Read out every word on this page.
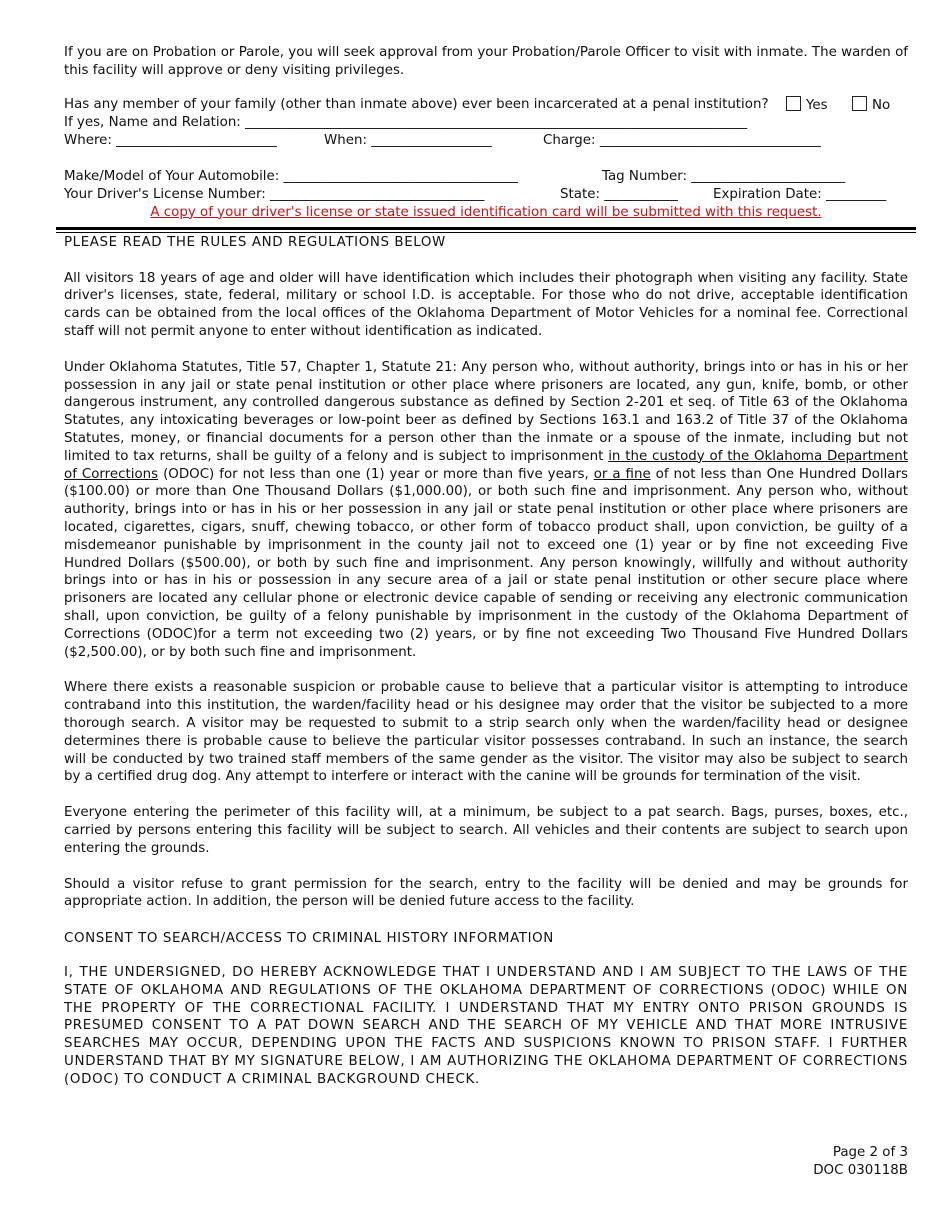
If you are on Probation or Parole, you will seek approval from your Probation/Parole Officer to visit with inmate. The warden of this facility will approve or deny visiting privileges.

Has any member of your family (other than inmate above) ever been incarcerated at a penal institution?	Yes	No
If yes, Name and Relation: ___________________________________________________________________________
Where: ________________________	When: __________________	Charge: _________________________________
Make/Model of Your Automobile: ___________________________________	Tag Number: _______________________
Your Driver's License Number: ________________________________	State: ___________	Expiration Date: _________
A copy of your driver's license or state issued identification card will be submitted with this request.
PLEASE READ THE RULES AND REGULATIONS BELOW

All visitors 18 years of age and older will have identification which includes their photograph when visiting any facility. State driver's licenses, state, federal, military or school I.D. is acceptable. For those who do not drive, acceptable identification cards can be obtained from the local offices of the Oklahoma Department of Motor Vehicles for a nominal fee. Correctional staff will not permit anyone to enter without identification as indicated.

Under Oklahoma Statutes, Title 57, Chapter 1, Statute 21: Any person who, without authority, brings into or has in his or her possession in any jail or state penal institution or other place where prisoners are located, any gun, knife, bomb, or other dangerous instrument, any controlled dangerous substance as defined by Section 2-201 et seq. of Title 63 of the Oklahoma Statutes, any intoxicating beverages or low-point beer as defined by Sections 163.1 and 163.2 of Title 37 of the Oklahoma Statutes, money, or financial documents for a person other than the inmate or a spouse of the inmate, including but not limited to tax returns, shall be guilty of a felony and is subject to imprisonment in the custody of the Oklahoma Department of Corrections (ODOC) for not less than one (1) year or more than five years, or a fine of not less than One Hundred Dollars ($100.00) or more than One Thousand Dollars ($1,000.00), or both such fine and imprisonment. Any person who, without authority, brings into or has in his or her possession in any jail or state penal institution or other place where prisoners are located, cigarettes, cigars, snuff, chewing tobacco, or other form of tobacco product shall, upon conviction, be guilty of a misdemeanor punishable by imprisonment in the county jail not to exceed one (1) year or by fine not exceeding Five Hundred Dollars ($500.00), or both by such fine and imprisonment. Any person knowingly, willfully and without authority brings into or has in his or possession in any secure area of a jail or state penal institution or other secure place where prisoners are located any cellular phone or electronic device capable of sending or receiving any electronic communication shall, upon conviction, be guilty of a felony punishable by imprisonment in the custody of the Oklahoma Department of Corrections (ODOC)for a term not exceeding two (2) years, or by fine not exceeding Two Thousand Five Hundred Dollars ($2,500.00), or by both such fine and imprisonment.

Where there exists a reasonable suspicion or probable cause to believe that a particular visitor is attempting to introduce contraband into this institution, the warden/facility head or his designee may order that the visitor be subjected to a more thorough search. A visitor may be requested to submit to a strip search only when the warden/facility head or designee determines there is probable cause to believe the particular visitor possesses contraband. In such an instance, the search will be conducted by two trained staff members of the same gender as the visitor. The visitor may also be subject to search by a certified drug dog. Any attempt to interfere or interact with the canine will be grounds for termination of the visit.

Everyone entering the perimeter of this facility will, at a minimum, be subject to a pat search. Bags, purses, boxes, etc., carried by persons entering this facility will be subject to search. All vehicles and their contents are subject to search upon entering the grounds.

Should a visitor refuse to grant permission for the search, entry to the facility will be denied and may be grounds for appropriate action. In addition, the person will be denied future access to the facility.

CONSENT TO SEARCH/ACCESS TO CRIMINAL HISTORY INFORMATION

I, THE UNDERSIGNED, DO HEREBY ACKNOWLEDGE THAT I UNDERSTAND AND I AM SUBJECT TO THE LAWS OF THE STATE OF OKLAHOMA AND REGULATIONS OF THE OKLAHOMA DEPARTMENT OF CORRECTIONS (ODOC) WHILE ON THE PROPERTY OF THE CORRECTIONAL FACILITY. I UNDERSTAND THAT MY ENTRY ONTO PRISON GROUNDS IS PRESUMED CONSENT TO A PAT DOWN SEARCH AND THE SEARCH OF MY VEHICLE AND THAT MORE INTRUSIVE SEARCHES MAY OCCUR, DEPENDING UPON THE FACTS AND SUSPICIONS KNOWN TO PRISON STAFF. I FURTHER UNDERSTAND THAT BY MY SIGNATURE BELOW, I AM AUTHORIZING THE OKLAHOMA DEPARTMENT OF CORRECTIONS (ODOC) TO CONDUCT A CRIMINAL BACKGROUND CHECK.

Page 2 of 3
DOC 030118B
